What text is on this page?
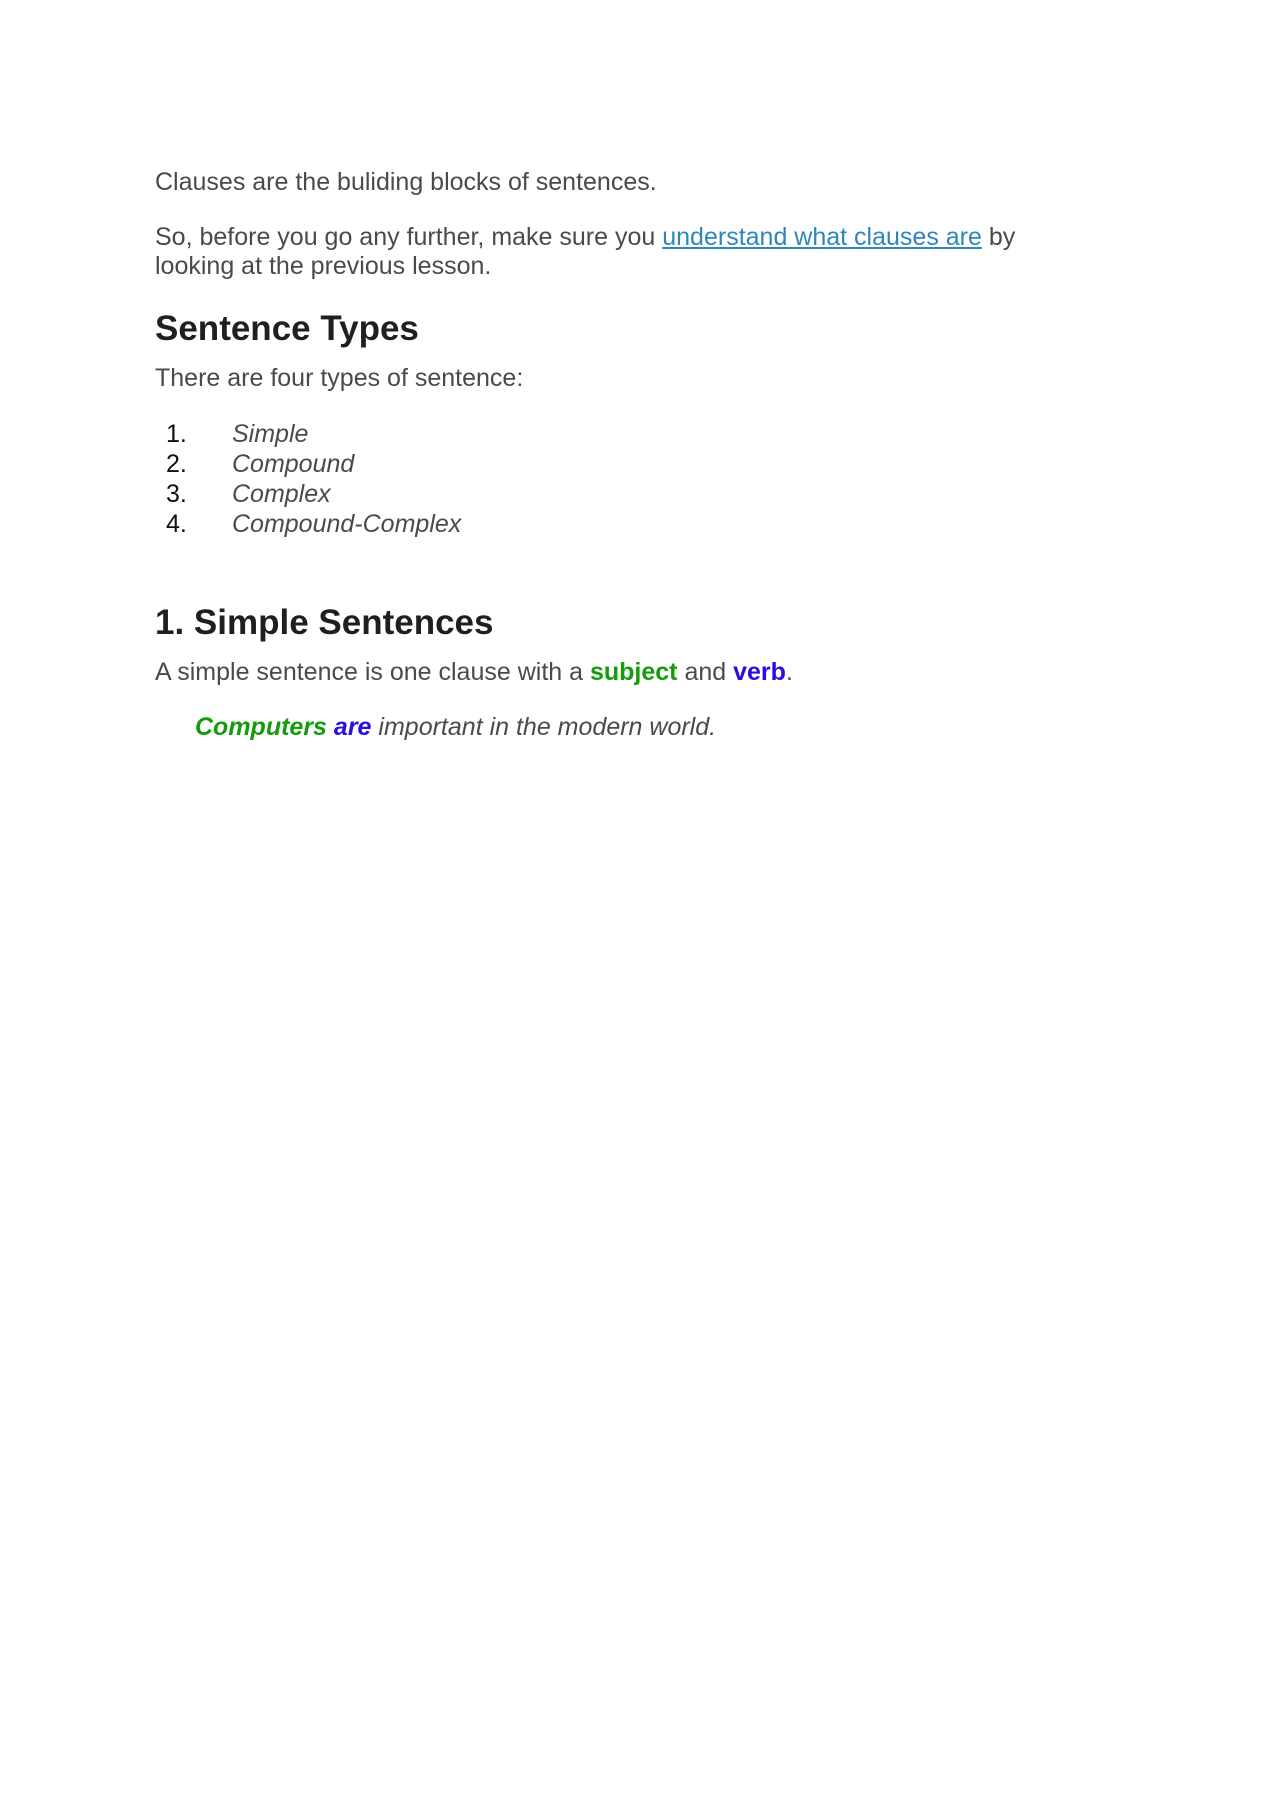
Clauses are the buliding blocks of sentences.

So, before you go any further, make sure you understand what clauses are by looking at the previous lesson.

Sentence Types

There are four types of sentence:

1.	Simple
2.	Compound
3.	Complex
4.	Compound-Complex
1. Simple Sentences

A simple sentence is one clause with a subject and verb.

Computers are important in the modern world.
